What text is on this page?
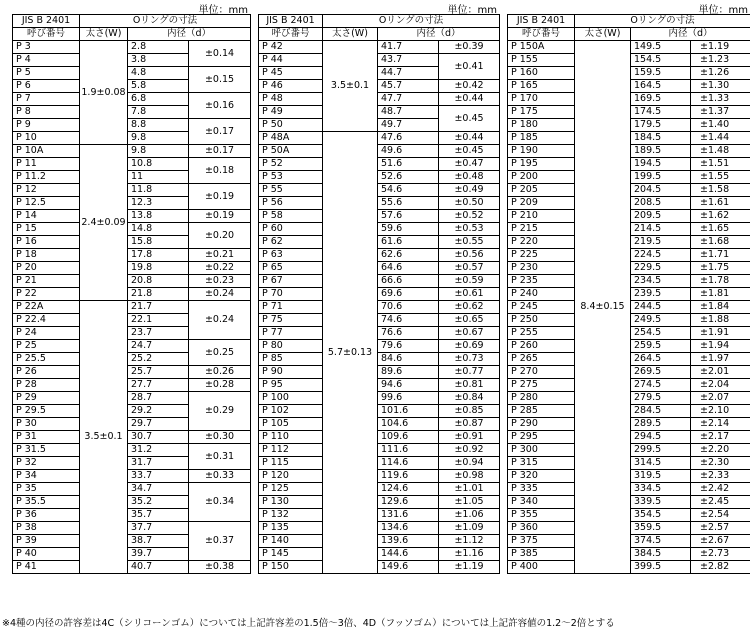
単位：mm	単位：mm	単位：mm
JIS B 2401	Oリングの寸法		
呼び番号	太さ(W)	内径（d）	
P 3	1.9±0.08	2.8	±0.14
P 4		3.8	
P 5		4.8	±0.15
P 6		5.8	
P 7		6.8	±0.16
P 8		7.8	
P 9		8.8	±0.17
P 10		9.8	
P 10A	2.4±0.09	9.8	±0.17
P 11		10.8	±0.18
P 11.2		11	
P 12		11.8	±0.19
P 12.5		12.3	
P 14		13.8	±0.19
P 15		14.8	±0.20
P 16		15.8	
P 18		17.8	±0.21
P 20		19.8	±0.22
P 21		20.8	±0.23
P 22		21.8	±0.24
P 22A	3.5±0.1	21.7	±0.24
P 22.4		22.1	
P 24		23.7	
P 25		24.7	±0.25
P 25.5		25.2	
P 26		25.7	±0.26
P 28		27.7	±0.28
P 29		28.7	±0.29
P 29.5		29.2	
P 30		29.7	
P 31		30.7	±0.30
P 31.5		31.2	±0.31
P 32		31.7	
P 34		33.7	±0.33
P 35		34.7	±0.34
P 35.5		35.2	
P 36		35.7	
P 38		37.7	±0.37
P 39		38.7	
P 40		39.7	
P 41		40.7	±0.38
JIS B 2401	Oリングの寸法		
呼び番号	太さ(W)	内径（d）	
P 42	3.5±0.1	41.7	±0.39
P 44		43.7	±0.41
P 45		44.7	
P 46		45.7	±0.42
P 48		47.7	±0.44
P 49		48.7	±0.45
P 50		49.7	
P 48A	5.7±0.13	47.6	±0.44
P 50A		49.6	±0.45
P 52		51.6	±0.47
P 53		52.6	±0.48
P 55		54.6	±0.49
P 56		55.6	±0.50
P 58		57.6	±0.52
P 60		59.6	±0.53
P 62		61.6	±0.55
P 63		62.6	±0.56
P 65		64.6	±0.57
P 67		66.6	±0.59
P 70		69.6	±0.61
P 71		70.6	±0.62
P 75		74.6	±0.65
P 77		76.6	±0.67
P 80		79.6	±0.69
P 85		84.6	±0.73
P 90		89.6	±0.77
P 95		94.6	±0.81
P 100		99.6	±0.84
P 102		101.6	±0.85
P 105		104.6	±0.87
P 110		109.6	±0.91
P 112		111.6	±0.92
P 115		114.6	±0.94
P 120		119.6	±0.98
P 125		124.6	±1.01
P 130		129.6	±1.05
P 132		131.6	±1.06
P 135		134.6	±1.09
P 140		139.6	±1.12
P 145		144.6	±1.16
P 150		149.6	±1.19
JIS B 2401	Oリングの寸法		
呼び番号	太さ(W)	内径（d）	
P 150A	8.4±0.15	149.5	±1.19
P 155		154.5	±1.23
P 160		159.5	±1.26
P 165		164.5	±1.30
P 170		169.5	±1.33
P 175		174.5	±1.37
P 180		179.5	±1.40
P 185		184.5	±1.44
P 190		189.5	±1.48
P 195		194.5	±1.51
P 200		199.5	±1.55
P 205		204.5	±1.58
P 209		208.5	±1.61
P 210		209.5	±1.62
P 215		214.5	±1.65
P 220		219.5	±1.68
P 225		224.5	±1.71
P 230		229.5	±1.75
P 235		234.5	±1.78
P 240		239.5	±1.81
P 245		244.5	±1.84
P 250		249.5	±1.88
P 255		254.5	±1.91
P 260		259.5	±1.94
P 265		264.5	±1.97
P 270		269.5	±2.01
P 275		274.5	±2.04
P 280		279.5	±2.07
P 285		284.5	±2.10
P 290		289.5	±2.14
P 295		294.5	±2.17
P 300		299.5	±2.20
P 315		314.5	±2.30
P 320		319.5	±2.33
P 335		334.5	±2.42
P 340		339.5	±2.45
P 355		354.5	±2.54
P 360		359.5	±2.57
P 375		374.5	±2.67
P 385		384.5	±2.73
P 400		399.5	±2.82
※4種の内径の許容差は4C（シリコーンゴム）については上記許容差の1.5倍～3倍、4D（フッソゴム）については上記許容値の1.2～2倍とする
